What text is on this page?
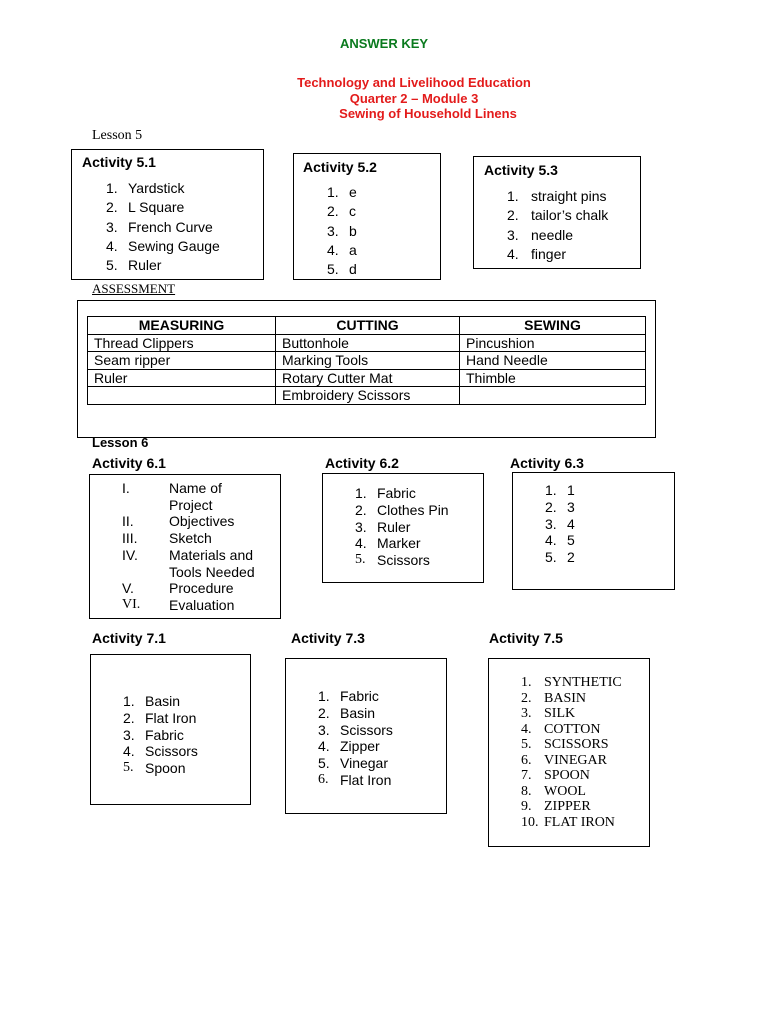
ANSWER KEY
Technology and Livelihood Education
Quarter 2 – Module 3
Sewing of Household Linens
Lesson 5
Activity 5.1
1. Yardstick

2. L Square

3. French Curve

4. Sewing Gauge

5. Ruler

Activity 5.2
1. e

2. c

3. b

4. a

5. d

Activity 5.3
1. straight pins

2. tailor’s chalk

3. needle

4. finger

ASSESSMENT
MEASURING	CUTTING	SEWING
Thread Clippers	Buttonhole	Pincushion
Seam ripper	Marking Tools	Hand Needle
Ruler	Rotary Cutter Mat	Thimble
	Embroidery Scissors	
Lesson 6
Activity 6.1	Activity 6.2	Activity 6.3
I.	Name of

Project

II.	Objectives

III. Sketch

IV. Materials and

Tools Needed

V.	Procedure

VI. Evaluation

1. Fabric

2. Clothes Pin

3. Ruler

4. Marker

5. Scissors

1. 1

2. 3

3. 4

4. 5

5. 2

Activity 7.1	Activity 7.3	Activity 7.5
1. Basin

2. Flat Iron

3. Fabric

4. Scissors

5. Spoon

1. Fabric

2. Basin

3. Scissors

4. Zipper

5. Vinegar

6. Flat Iron

1. SYNTHETIC

2. BASIN

3. SILK

4. COTTON

5. SCISSORS

6. VINEGAR

7. SPOON

8. WOOL

9. ZIPPER

10. FLAT IRON
